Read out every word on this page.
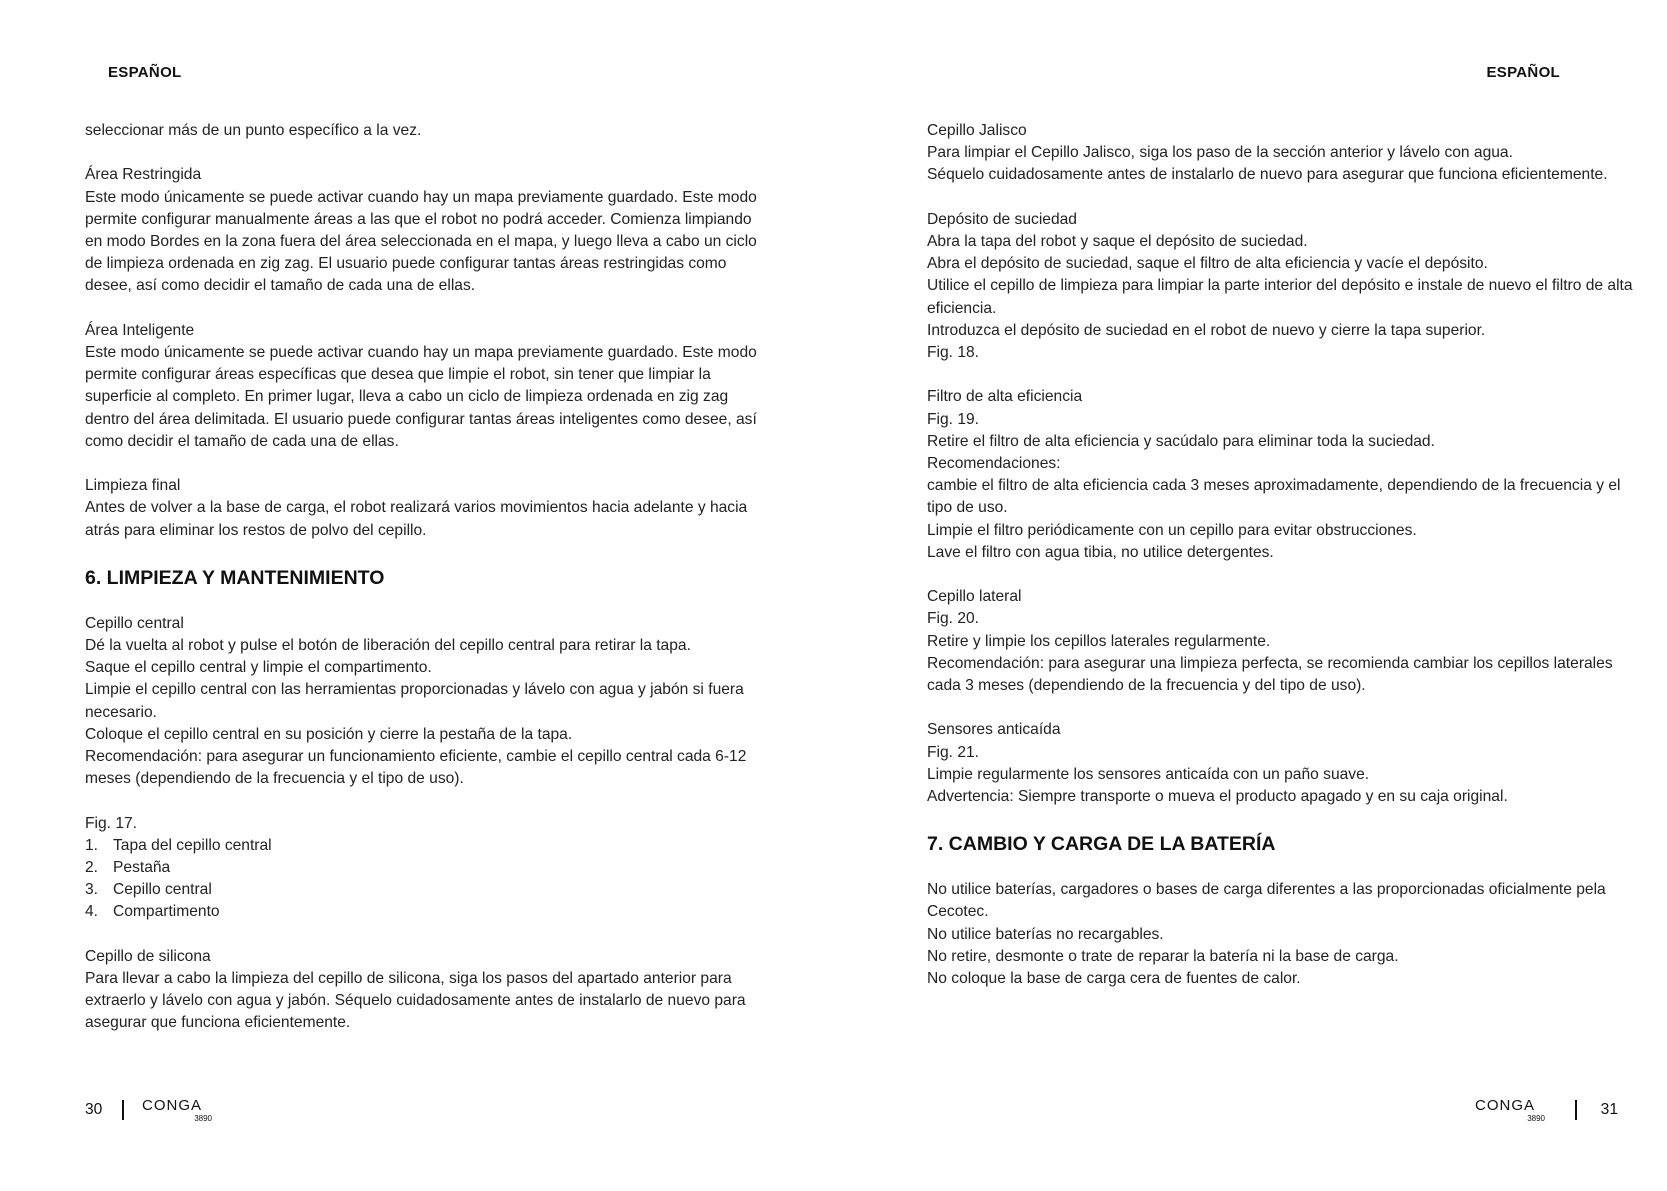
ESPAÑOL

seleccionar más de un punto específico a la vez.

Área Restringida

Este modo únicamente se puede activar cuando hay un mapa previamente guardado. Este modo permite configurar manualmente áreas a las que el robot no podrá acceder. Comienza limpiando en modo Bordes en la zona fuera del área seleccionada en el mapa, y luego lleva a cabo un ciclo de limpieza ordenada en zig zag. El usuario puede configurar tantas áreas restringidas como desee, así como decidir el tamaño de cada una de ellas.

Área Inteligente

Este modo únicamente se puede activar cuando hay un mapa previamente guardado. Este modo permite configurar áreas específicas que desea que limpie el robot, sin tener que limpiar la superficie al completo. En primer lugar, lleva a cabo un ciclo de limpieza ordenada en zig zag dentro del área delimitada. El usuario puede configurar tantas áreas inteligentes como desee, así como decidir el tamaño de cada una de ellas.

Limpieza final

Antes de volver a la base de carga, el robot realizará varios movimientos hacia adelante y hacia atrás para eliminar los restos de polvo del cepillo.

6. LIMPIEZA Y MANTENIMIENTO

Cepillo central

Dé la vuelta al robot y pulse el botón de liberación del cepillo central para retirar la tapa.

Saque el cepillo central y limpie el compartimento.

Limpie el cepillo central con las herramientas proporcionadas y lávelo con agua y jabón si fuera necesario.

Coloque el cepillo central en su posición y cierre la pestaña de la tapa.

Recomendación: para asegurar un funcionamiento eficiente, cambie el cepillo central cada 6-12 meses (dependiendo de la frecuencia y el tipo de uso).

Fig. 17.

1. Tapa del cepillo central
2. Pestaña
3. Cepillo central
4. Compartimento

Cepillo de silicona

Para llevar a cabo la limpieza del cepillo de silicona, siga los pasos del apartado anterior para extraerlo y lávelo con agua y jabón. Séquelo cuidadosamente antes de instalarlo de nuevo para asegurar que funciona eficientemente.

30	CONGA
3890
ESPAÑOL

Cepillo Jalisco

Para limpiar el Cepillo Jalisco, siga los paso de la sección anterior y lávelo con agua.

Séquelo cuidadosamente antes de instalarlo de nuevo para asegurar que funciona eficientemente.

Depósito de suciedad

Abra la tapa del robot y saque el depósito de suciedad.

Abra el depósito de suciedad, saque el filtro de alta eficiencia y vacíe el depósito.

Utilice el cepillo de limpieza para limpiar la parte interior del depósito e instale de nuevo el filtro de alta eficiencia.

Introduzca el depósito de suciedad en el robot de nuevo y cierre la tapa superior.

Fig. 18.

Filtro de alta eficiencia

Fig. 19.

Retire el filtro de alta eficiencia y sacúdalo para eliminar toda la suciedad.

Recomendaciones:

cambie el filtro de alta eficiencia cada 3 meses aproximadamente, dependiendo de la frecuencia y el tipo de uso.

Limpie el filtro periódicamente con un cepillo para evitar obstrucciones.

Lave el filtro con agua tibia, no utilice detergentes.

Cepillo lateral

Fig. 20.

Retire y limpie los cepillos laterales regularmente.

Recomendación: para asegurar una limpieza perfecta, se recomienda cambiar los cepillos laterales cada 3 meses (dependiendo de la frecuencia y del tipo de uso).

Sensores anticaída

Fig. 21.

Limpie regularmente los sensores anticaída con un paño suave.

Advertencia: Siempre transporte o mueva el producto apagado y en su caja original.

7. CAMBIO Y CARGA DE LA BATERÍA

No utilice baterías, cargadores o bases de carga diferentes a las proporcionadas oficialmente pela Cecotec.

No utilice baterías no recargables.

No retire, desmonte o trate de reparar la batería ni la base de carga.

No coloque la base de carga cera de fuentes de calor.

CONGA
3890
31
